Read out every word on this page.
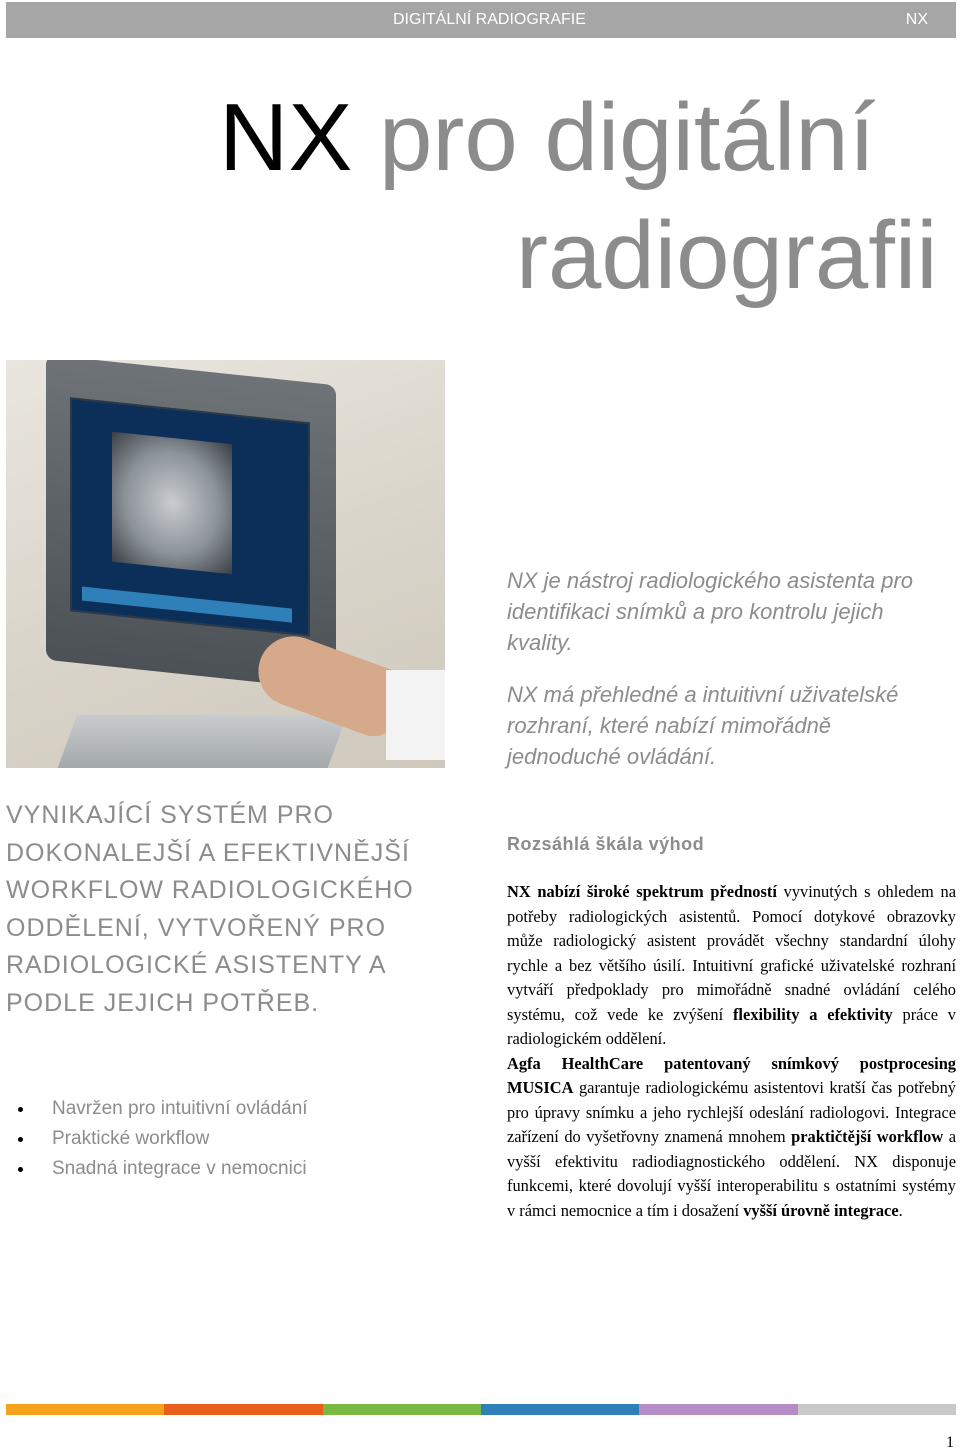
DIGITÁLNÍ RADIOGRAFIE	NX
NX pro digitální
radiografii

NX je nástroj radiologického asistenta pro identifikaci snímků a pro kontrolu jejich kvality.

NX má přehledné a intuitivní uživatelské rozhraní, které nabízí mimořádně jednoduché ovládání.

VYNIKAJÍCÍ SYSTÉM PRO DOKONALEJŠÍ A EFEKTIVNĚJŠÍ WORKFLOW RADIOLOGICKÉHO ODDĚLENÍ, VYTVOŘENÝ PRO RADIOLOGICKÉ ASISTENTY A PODLE JEJICH POTŘEB.
Navržen pro intuitivní ovládání
Praktické workflow
Snadná integrace v nemocnici
Rozsáhlá škála výhod

NX nabízí široké spektrum předností vyvinutých s ohledem na potřeby radiologických asistentů. Pomocí dotykové obrazovky může radiologický asistent provádět všechny standardní úlohy rychle a bez většího úsilí. Intuitivní grafické uživatelské rozhraní vytváří předpoklady pro mimořádně snadné ovládání celého systému, což vede ke zvýšení flexibility a efektivity práce v radiologickém oddělení.
Agfa HealthCare patentovaný snímkový postprocesing MUSICA garantuje radiologickému asistentovi kratší čas potřebný pro úpravy snímku a jeho rychlejší odeslání radiologovi. Integrace zařízení do vyšetřovny znamená mnohem praktičtější workflow a vyšší efektivitu radiodiagnostického oddělení. NX disponuje funkcemi, které dovolují vyšší interoperabilitu s ostatními systémy v rámci nemocnice a tím i dosažení vyšší úrovně integrace.

1
